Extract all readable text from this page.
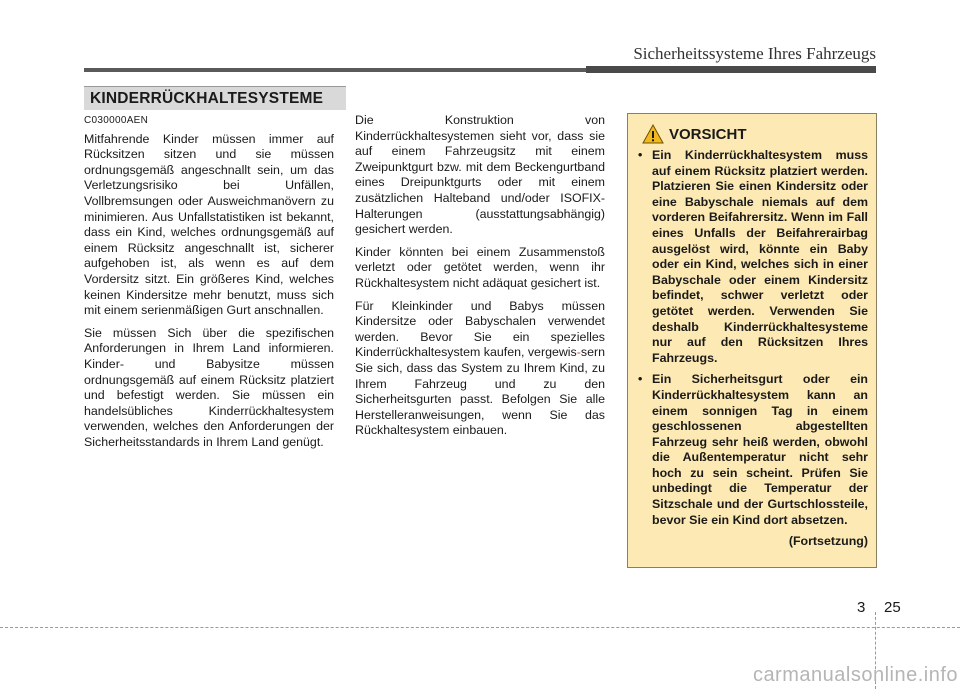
Sicherheitssysteme Ihres Fahrzeugs
KINDERRÜCKHALTESYSTEME
C030000AEN

Mitfahrende Kinder müssen immer auf Rücksitzen sitzen und sie müssen ordnungsgemäß angeschnallt sein, um das Verletzungsrisiko bei Unfällen, Vollbremsungen oder Ausweichmanövern zu minimieren. Aus Unfallstatistiken ist bekannt, dass ein Kind, welches ordnungsgemäß auf einem Rücksitz angeschnallt ist, sicherer aufgehoben ist, als wenn es auf dem Vordersitz sitzt. Ein größeres Kind, welches keinen Kindersitze mehr benutzt, muss sich mit einem serienmäßigen Gurt anschnallen.

Sie müssen Sich über die spezifischen Anforderungen in Ihrem Land informieren. Kinder- und Babysitze müssen ordnungsgemäß auf einem Rücksitz platziert und befestigt werden. Sie müssen ein handelsübliches Kinderrückhaltesystem verwenden, welches den Anforderungen der Sicherheitsstandards in Ihrem Land genügt.

Die Konstruktion von Kinderrückhaltesystemen sieht vor, dass sie auf einem Fahrzeugsitz mit einem Zweipunktgurt bzw. mit dem Beckengurtband eines Dreipunktgurts oder mit einem zusätzlichen Halteband und/oder ISOFIX-Halterungen (ausstattungsabhängig) gesichert werden.

Kinder könnten bei einem Zusammenstoß verletzt oder getötet werden, wenn ihr Rückhaltesystem nicht adäquat gesichert ist.

Für Kleinkinder und Babys müssen Kindersitze oder Babyschalen verwendet werden. Bevor Sie ein spezielles Kinderrückhaltesystem kaufen, vergewis-sern Sie sich, dass das System zu Ihrem Kind, zu Ihrem Fahrzeug und zu den Sicherheitsgurten passt. Befolgen Sie alle Herstelleranweisungen, wenn Sie das Rückhaltesystem einbauen.

VORSICHT
• Ein Kinderrückhaltesystem muss auf einem Rücksitz platziert werden. Platzieren Sie einen Kindersitz oder eine Babyschale niemals auf dem vorderen Beifahrersitz. Wenn im Fall eines Unfalls der Beifahrerairbag ausgelöst wird, könnte ein Baby oder ein Kind, welches sich in einer Babyschale oder einem Kindersitz befindet, schwer verletzt oder getötet werden. Verwenden Sie deshalb Kinderrückhaltesysteme nur auf den Rücksitzen Ihres Fahrzeugs.
• Ein Sicherheitsgurt oder ein Kinderrückhaltesystem kann an einem sonnigen Tag in einem geschlossenen abgestellten Fahrzeug sehr heiß werden, obwohl die Außentemperatur nicht sehr hoch zu sein scheint. Prüfen Sie unbedingt die Temperatur der Sitzschale und der Gurtschlossteile, bevor Sie ein Kind dort absetzen.
(Fortsetzung)
3 25
carmanualsonline.info
